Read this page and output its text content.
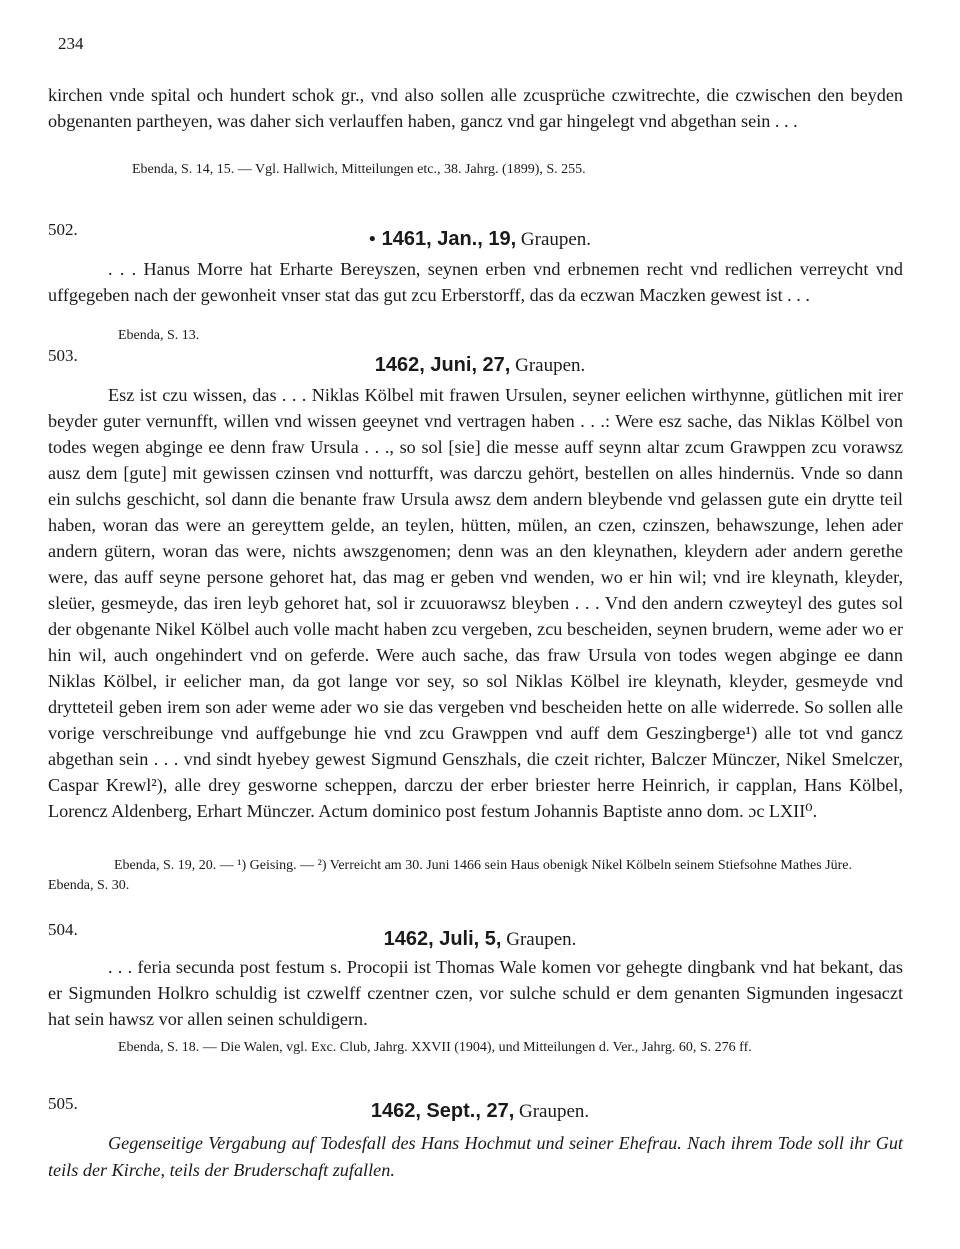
234
kirchen vnde spital och hundert schok gr., vnd also sollen alle zcusprüche czwitrechte, die czwischen den beyden obgenanten partheyen, was daher sich verlauffen haben, gancz vnd gar hingelegt vnd abgethan sein . . .
Ebenda, S. 14, 15. — Vgl. Hallwich, Mitteilungen etc., 38. Jahrg. (1899), S. 255.
502.	• 1461, Jan., 19, Graupen.
. . . Hanus Morre hat Erharte Bereyszen, seynen erben vnd erbnemen recht vnd redlichen verreycht vnd uffgegeben nach der gewonheit vnser stat das gut zcu Erberstorff, das da eczwan Maczken gewest ist . . .
Ebenda, S. 13.
503.	1462, Juni, 27, Graupen.
Esz ist czu wissen, das . . . Niklas Kölbel mit frawen Ursulen, seyner eelichen wirthynne, gütlichen mit irer beyder guter vernunfft, willen vnd wissen geeynet vnd vertragen haben . . .: Were esz sache, das Niklas Kölbel von todes wegen abginge ee denn fraw Ursula . . ., so sol [sie] die messe auff seynn altar zcum Grawppen zcu vorawsz ausz dem [gute] mit gewissen czinsen vnd notturfft, was darczu gehört, bestellen on alles hindernüs. Vnde so dann ein sulchs geschicht, sol dann die benante fraw Ursula awsz dem andern bleybende vnd gelassen gute ein drytte teil haben, woran das were an gereyttem gelde, an teylen, hütten, mülen, an czen, czinszen, behawszunge, lehen ader andern gütern, woran das were, nichts awszgenomen; denn was an den kleynathen, kleydern ader andern gerethe were, das auff seyne persone gehoret hat, das mag er geben vnd wenden, wo er hin wil; vnd ire kleynath, kleyder, sleüer, gesmeyde, das iren leyb gehoret hat, sol ir zcuuorawsz bleyben . . . Vnd den andern czweyteyl des gutes sol der obgenante Nikel Kölbel auch volle macht haben zcu vergeben, zcu bescheiden, seynen brudern, weme ader wo er hin wil, auch ongehindert vnd on geferde. Were auch sache, das fraw Ursula von todes wegen abginge ee dann Niklas Kölbel, ir eelicher man, da got lange vor sey, so sol Niklas Kölbel ire kleynath, kleyder, gesmeyde vnd drytteteil geben irem son ader weme ader wo sie das vergeben vnd bescheiden hette on alle widerrede. So sollen alle vorige verschreibunge vnd auffgebunge hie vnd zcu Grawppen vnd auff dem Geszingberge¹) alle tot vnd gancz abgethan sein . . . vnd sindt hyebey gewest Sigmund Genszhals, die czeit richter, Balczer Münczer, Nikel Smelczer, Caspar Krewl²), alle drey gesworne scheppen, darczu der erber briester herre Heinrich, ir capplan, Hans Kölbel, Lorencz Aldenberg, Erhart Münczer. Actum dominico post festum Johannis Baptiste anno dom. ɔc LXII⁰.
Ebenda, S. 19, 20. — ¹) Geising. — ²) Verreicht am 30. Juni 1466 sein Haus obenigk Nikel Kölbeln seinem Stiefsohne Mathes Jüre. Ebenda, S. 30.
504.	1462, Juli, 5, Graupen.
. . . feria secunda post festum s. Procopii ist Thomas Wale komen vor gehegte dingbank vnd hat bekant, das er Sigmunden Holkro schuldig ist czwelff czentner czen, vor sulche schuld er dem genanten Sigmunden ingesaczt hat sein hawsz vor allen seinen schuldigern.
Ebenda, S. 18. — Die Walen, vgl. Exc. Club, Jahrg. XXVII (1904), und Mitteilungen d. Ver., Jahrg. 60, S. 276 ff.
505.	1462, Sept., 27, Graupen.
Gegenseitige Vergabung auf Todesfall des Hans Hochmut und seiner Ehefrau. Nach ihrem Tode soll ihr Gut teils der Kirche, teils der Bruderschaft zufallen.
